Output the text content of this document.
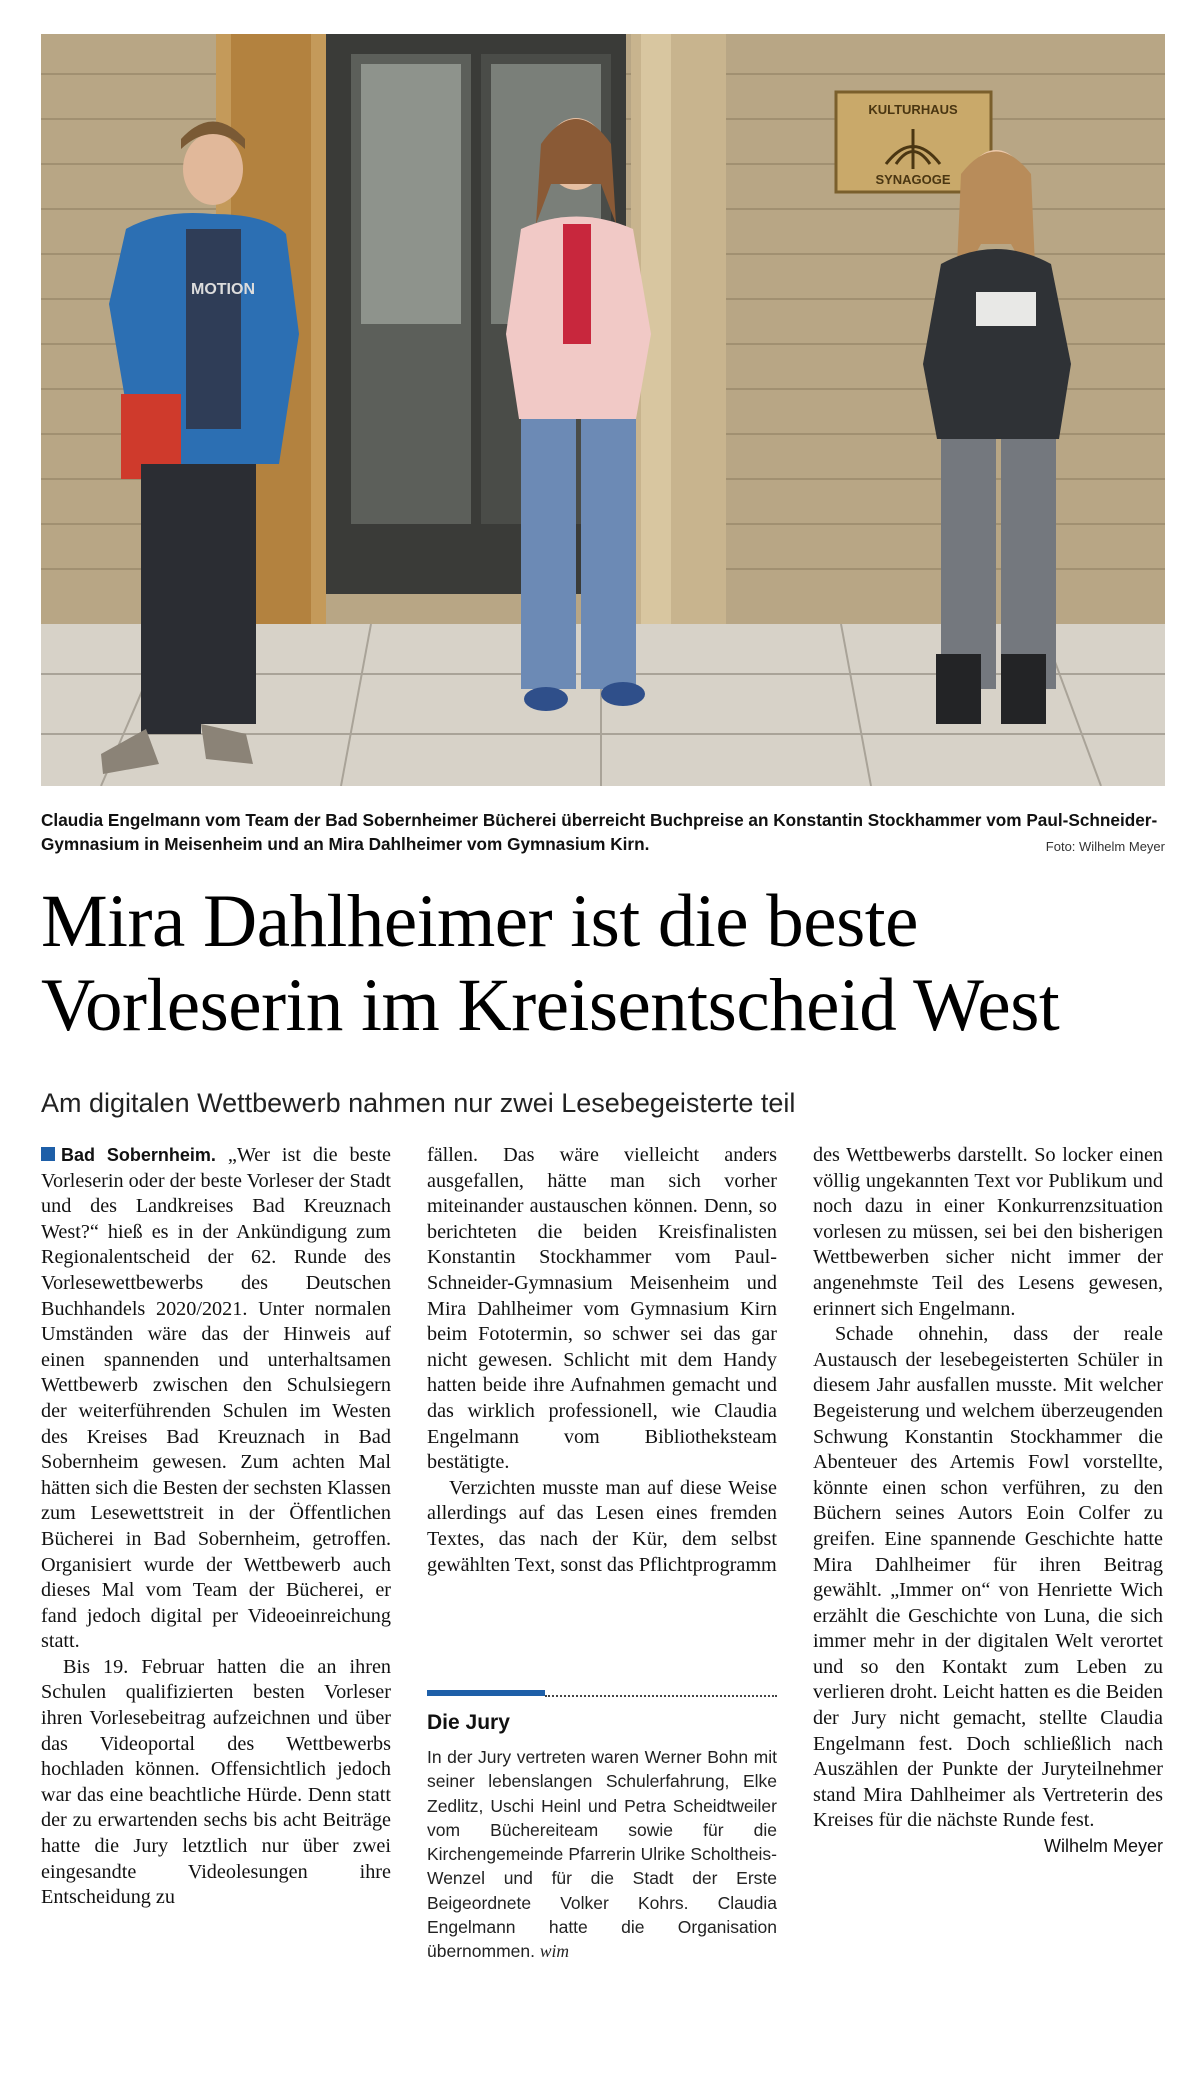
KULTURHAUS
SYNAGOGE
MOTION
Claudia Engelmann vom Team der Bad Sobernheimer Bücherei überreicht Buchpreise an Konstantin Stockhammer vom Paul-Schneider-Gymnasium in Meisenheim und an Mira Dahlheimer vom Gymnasium Kirn.	Foto: Wilhelm Meyer
Mira Dahlheimer ist die beste
Vorleserin im Kreisentscheid West
Am digitalen Wettbewerb nahmen nur zwei Lesebegeisterte teil

Bad Sobernheim. „Wer ist die beste Vorleserin oder der beste Vorleser der Stadt und des Landkreises Bad Kreuznach West?“ hieß es in der Ankündigung zum Regionalentscheid der 62. Runde des Vorlesewettbewerbs des Deutschen Buchhandels 2020/2021. Unter normalen Umständen wäre das der Hinweis auf einen spannenden und unterhaltsamen Wettbewerb zwischen den Schulsiegern der weiterführenden Schulen im Westen des Kreises Bad Kreuznach in Bad Sobernheim gewesen. Zum achten Mal hätten sich die Besten der sechsten Klassen zum Lesewettstreit in der Öffentlichen Bücherei in Bad Sobernheim, getroffen. Organisiert wurde der Wettbewerb auch dieses Mal vom Team der Bücherei, er fand jedoch digital per Videoeinreichung statt.

Bis 19. Februar hatten die an ihren Schulen qualifizierten besten Vorleser ihren Vorlesebeitrag aufzeichnen und über das Videoportal des Wettbewerbs hochladen können. Offensichtlich jedoch war das eine beachtliche Hürde. Denn statt der zu erwartenden sechs bis acht Beiträge hatte die Jury letztlich nur über zwei eingesandte Videolesungen ihre Entscheidung zu

fällen. Das wäre vielleicht anders ausgefallen, hätte man sich vorher miteinander austauschen können. Denn, so berichteten die beiden Kreisfinalisten Konstantin Stockhammer vom Paul-Schneider-Gymnasium Meisenheim und Mira Dahlheimer vom Gymnasium Kirn beim Fototermin, so schwer sei das gar nicht gewesen. Schlicht mit dem Handy hatten beide ihre Aufnahmen gemacht und das wirklich professionell, wie Claudia Engelmann vom Bibliotheksteam bestätigte.

Verzichten musste man auf diese Weise allerdings auf das Lesen eines fremden Textes, das nach der Kür, dem selbst gewählten Text, sonst das Pflichtprogramm

Die Jury
In der Jury vertreten waren Werner Bohn mit seiner lebenslangen Schulerfahrung, Elke Zedlitz, Uschi Heinl und Petra Scheidtweiler vom Büchereiteam sowie für die Kirchengemeinde Pfarrerin Ulrike Scholtheis-Wenzel und für die Stadt der Erste Beigeordnete Volker Kohrs. Claudia Engelmann hatte die Organisation übernommen. wim

des Wettbewerbs darstellt. So locker einen völlig ungekannten Text vor Publikum und noch dazu in einer Konkurrenzsituation vorlesen zu müssen, sei bei den bisherigen Wettbewerben sicher nicht immer der angenehmste Teil des Lesens gewesen, erinnert sich Engelmann.

Schade ohnehin, dass der reale Austausch der lesebegeisterten Schüler in diesem Jahr ausfallen musste. Mit welcher Begeisterung und welchem überzeugenden Schwung Konstantin Stockhammer die Abenteuer des Artemis Fowl vorstellte, könnte einen schon verführen, zu den Büchern seines Autors Eoin Colfer zu greifen. Eine spannende Geschichte hatte Mira Dahlheimer für ihren Beitrag gewählt. „Immer on“ von Henriette Wich erzählt die Geschichte von Luna, die sich immer mehr in der digitalen Welt verortet und so den Kontakt zum Leben zu verlieren droht. Leicht hatten es die Beiden der Jury nicht gemacht, stellte Claudia Engelmann fest. Doch schließlich nach Auszählen der Punkte der Juryteilnehmer stand Mira Dahlheimer als Vertreterin des Kreises für die nächste Runde fest.
Wilhelm Meyer
